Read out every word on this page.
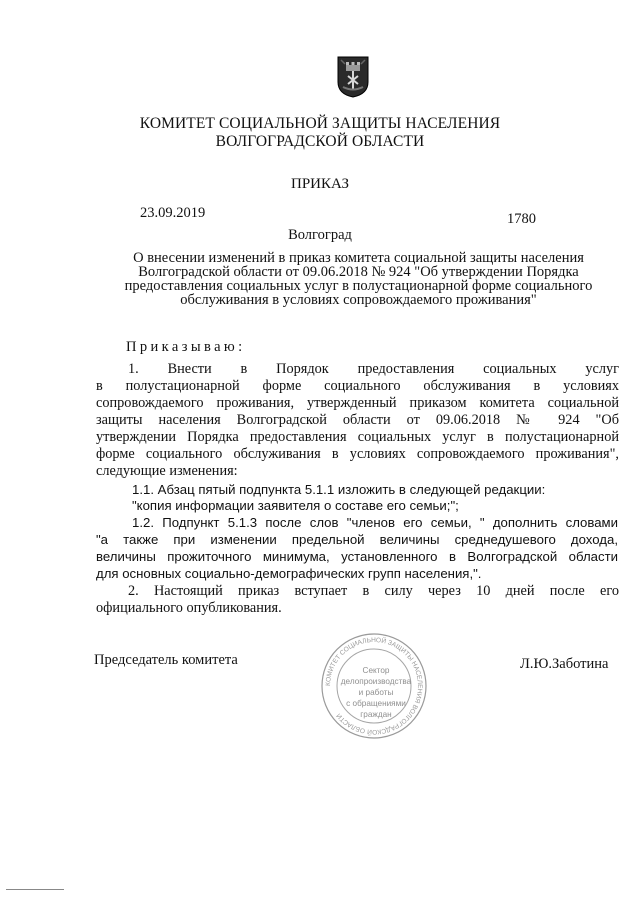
КОМИТЕТ СОЦИАЛЬНОЙ ЗАЩИТЫ НАСЕЛЕНИЯ
ВОЛГОГРАДСКОЙ ОБЛАСТИ
ПРИКАЗ
23.09.2019	1780
Волгоград
О внесении изменений в приказ комитета социальной защиты населения
Волгоградской области от 09.06.2018 № 924 "Об утверждении Порядка
предоставления социальных услуг в полустационарной форме социального
обслуживания в условиях сопровождаемого проживания"
Приказываю:
1. Внести в Порядок предоставления социальных услуг
в полустационарной форме социального обслуживания в условиях
сопровождаемого проживания, утвержденный приказом комитета социальной
защиты населения Волгоградской области от 09.06.2018 № 924 "Об
утверждении Порядка предоставления социальных услуг в полустационарной
форме социального обслуживания в условиях сопровождаемого проживания",
следующие изменения:
1.1. Абзац пятый подпункта 5.1.1 изложить в следующей редакции:
"копия информации заявителя о составе его семьи;";
1.2. Подпункт 5.1.3 после слов "членов его семьи, " дополнить словами
"а также при изменении предельной величины среднедушевого дохода,
величины прожиточного минимума, установленного в Волгоградской области
для основных социально-демографических групп населения,".
2. Настоящий приказ вступает в силу через 10 дней после его
официального опубликования.
Председатель комитета	Л.Ю.Заботина
КОМИТЕТ СОЦИАЛЬНОЙ ЗАЩИТЫ НАСЕЛЕНИЯ ВОЛГОГРАДСКОЙ ОБЛАСТИ
Сектор
делопроизводства
и работы
с обращениями
граждан
